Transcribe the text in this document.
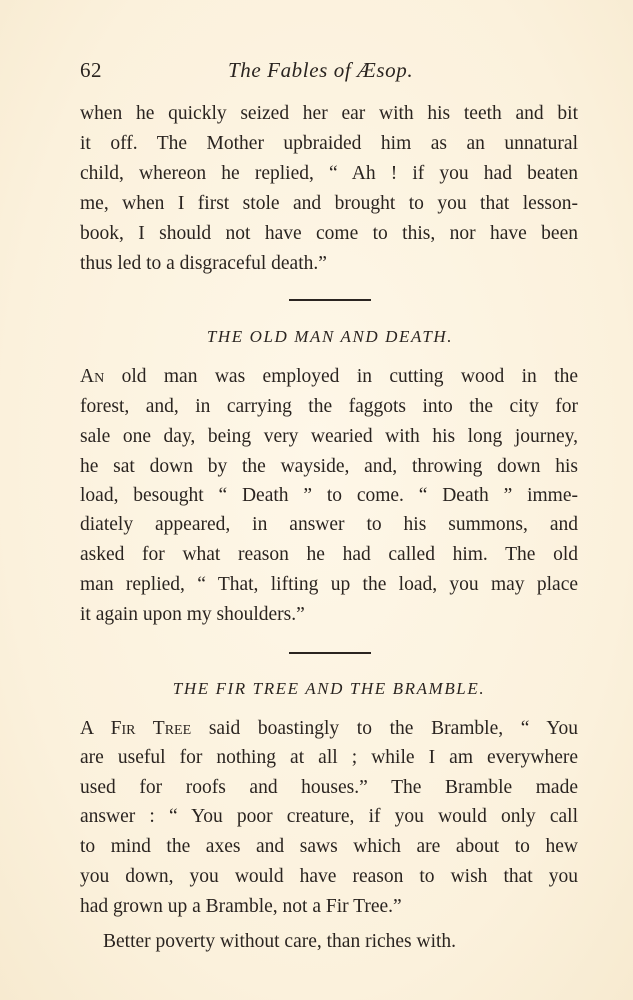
62	The Fables of Æsop.
when he quickly seized her ear with his teeth and bit
it off. The Mother upbraided him as an unnatural
child, whereon he replied, “ Ah ! if you had beaten
me, when I first stole and brought to you that lesson-
book, I should not have come to this, nor have been
thus led to a disgraceful death.”
THE OLD MAN AND DEATH.
An old man was employed in cutting wood in the
forest, and, in carrying the faggots into the city for
sale one day, being very wearied with his long journey,
he sat down by the wayside, and, throwing down his
load, besought “ Death ” to come. “ Death ” imme-
diately appeared, in answer to his summons, and
asked for what reason he had called him. The old
man replied, “ That, lifting up the load, you may place
it again upon my shoulders.”
THE FIR TREE AND THE BRAMBLE.
A Fir Tree said boastingly to the Bramble, “ You
are useful for nothing at all ; while I am everywhere
used for roofs and houses.” The Bramble made
answer : “ You poor creature, if you would only call
to mind the axes and saws which are about to hew
you down, you would have reason to wish that you
had grown up a Bramble, not a Fir Tree.”
Better poverty without care, than riches with.
